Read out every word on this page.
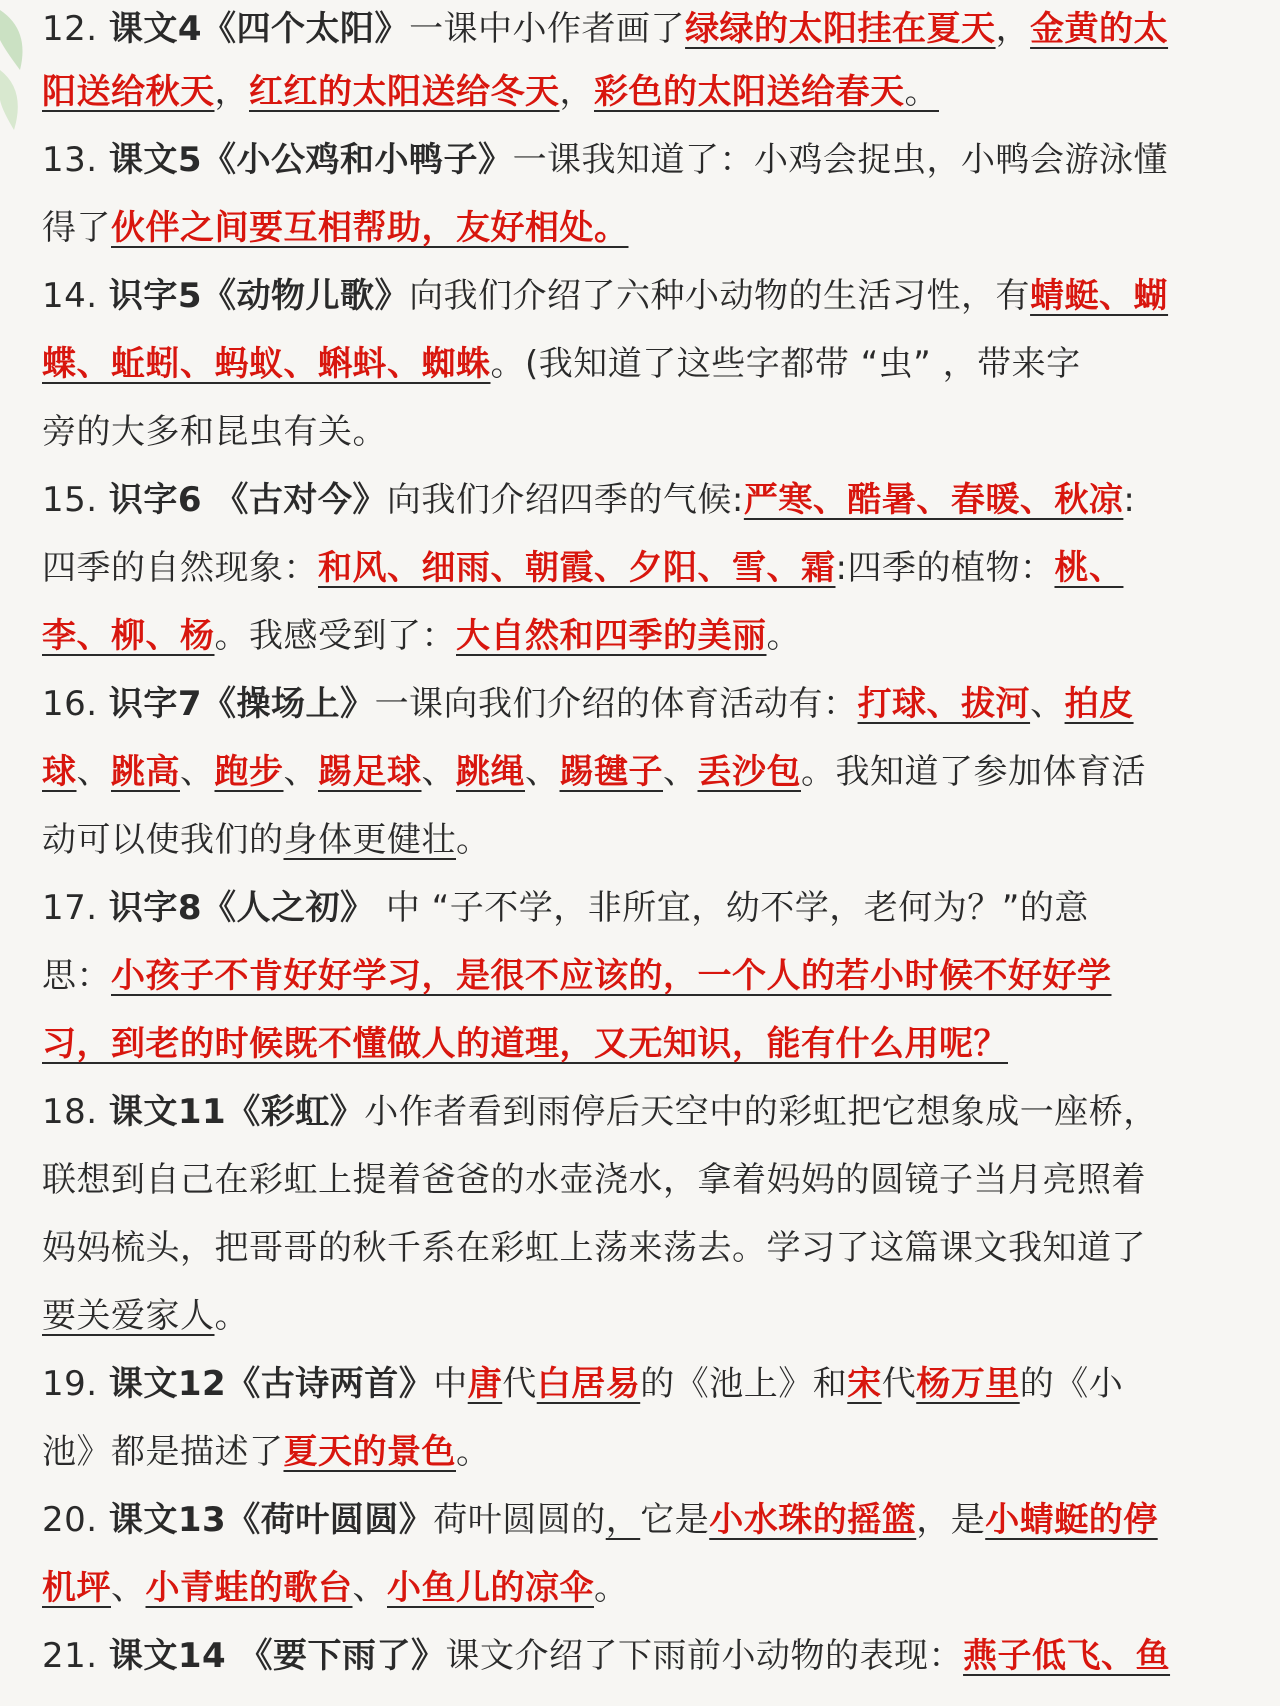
12. 课文4《四个太阳》一课中小作者画了绿绿的太阳挂在夏天，金黄的太
阳送给秋天，红红的太阳送给冬天，彩色的太阳送给春天。
13. 课文5《小公鸡和小鸭子》一课我知道了：小鸡会捉虫，小鸭会游泳懂
得了伙伴之间要互相帮助，友好相处。
14. 识字5《动物儿歌》向我们介绍了六种小动物的生活习性，有蜻蜓、蝴
蝶、蚯蚓、蚂蚁、蝌蚪、蜘蛛。(我知道了这些字都带 “虫” ，带来字
旁的大多和昆虫有关。
15. 识字6 《古对今》向我们介绍四季的气候:严寒、酷暑、春暖、秋凉:
四季的自然现象：和风、细雨、朝霞、夕阳、雪、霜:四季的植物：桃、
李、柳、杨。我感受到了：大自然和四季的美丽。
16. 识字7《操场上》一课向我们介绍的体育活动有：打球、拔河、拍皮
球、跳高、跑步、踢足球、跳绳、踢毽子、丢沙包。我知道了参加体育活
动可以使我们的身体更健壮。
17. 识字8《人之初》 中 “子不学，非所宜，幼不学，老何为？”的意
思：小孩子不肯好好学习，是很不应该的，一个人的若小时候不好好学
习，到老的时候既不懂做人的道理，又无知识，能有什么用呢？
18. 课文11《彩虹》小作者看到雨停后天空中的彩虹把它想象成一座桥，
联想到自己在彩虹上提着爸爸的水壶浇水，拿着妈妈的圆镜子当月亮照着
妈妈梳头，把哥哥的秋千系在彩虹上荡来荡去。学习了这篇课文我知道了
要关爱家人。
19. 课文12《古诗两首》中唐代白居易的《池上》和宋代杨万里的《小
池》都是描述了夏天的景色。
20. 课文13《荷叶圆圆》荷叶圆圆的，它是小水珠的摇篮，是小蜻蜓的停
机坪、小青蛙的歌台、小鱼儿的凉伞。
21. 课文14 《要下雨了》课文介绍了下雨前小动物的表现：燕子低飞、鱼
